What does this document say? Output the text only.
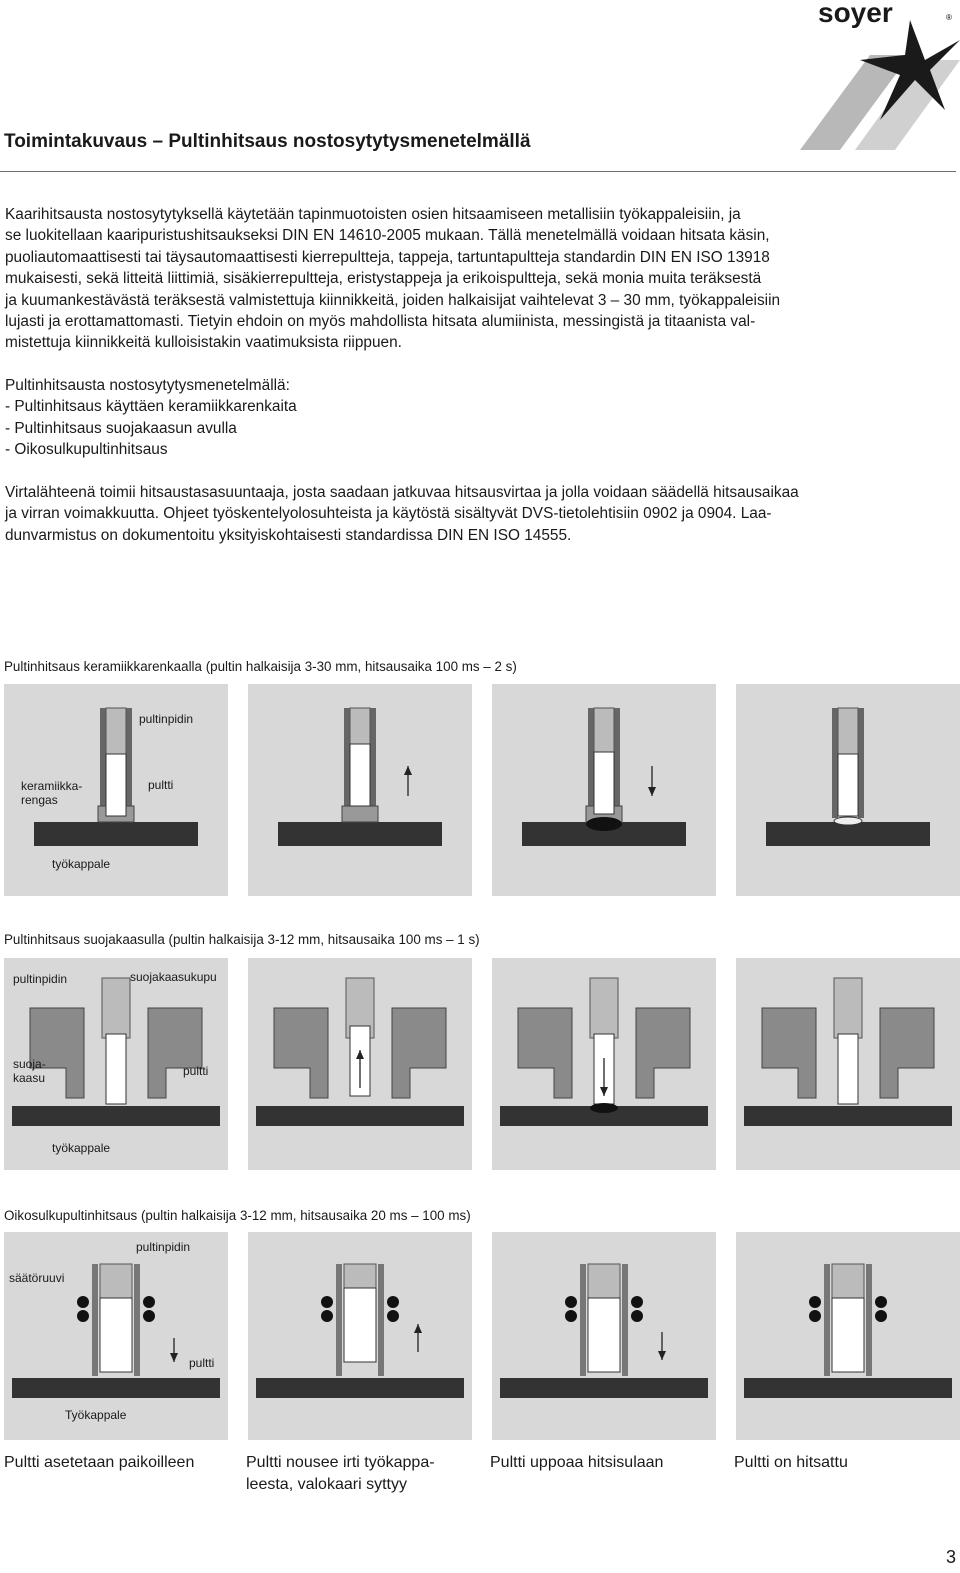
soyer	®
Toimintakuvaus – Pultinhitsaus nostosytytysmenetelmällä
Kaarihitsausta nostosytytyksellä käytetään tapinmuotoisten osien hitsaamiseen metallisiin työkappaleisiin, ja
se luokitellaan kaaripuristushitsaukseksi DIN EN 14610-2005 mukaan. Tällä menetelmällä voidaan hitsata käsin,
puoliautomaattisesti tai täysautomaattisesti kierrepultteja, tappeja, tartuntapultteja standardin DIN EN ISO 13918
mukaisesti, sekä litteitä liittimiä, sisäkierrepultteja, eristystappeja ja erikoispultteja, sekä monia muita teräksestä
ja kuumankestävästä teräksestä valmistettuja kiinnikkeitä, joiden halkaisijat vaihtelevat 3 – 30 mm, työkappaleisiin
lujasti ja erottamattomasti. Tietyin ehdoin on myös mahdollista hitsata alumiinista, messingistä ja titaanista val-
mistettuja kiinnikkeitä kulloisistakin vaatimuksista riippuen.
Pultinhitsausta nostosytytysmenetelmällä:
- Pultinhitsaus käyttäen keramiikkarenkaita
- Pultinhitsaus suojakaasun avulla
- Oikosulkupultinhitsaus
Virtalähteenä toimii hitsaustasasuuntaaja, josta saadaan jatkuvaa hitsausvirtaa ja jolla voidaan säädellä hitsausaikaa
ja virran voimakkuutta. Ohjeet työskentelyolosuhteista ja käytöstä sisältyvät DVS-tietolehtisiin 0902 ja 0904. Laa-
dunvarmistus on dokumentoitu yksityiskohtaisesti standardissa DIN EN ISO 14555.
Pultinhitsaus keramiikkarenkaalla (pultin halkaisija 3-30 mm, hitsausaika 100 ms – 2 s)
pultinpidin
pultti
keramiikka-
rengas
työkappale
Pultinhitsaus suojakaasulla (pultin halkaisija 3-12 mm, hitsausaika 100 ms – 1 s)
pultinpidin	suojakaasukupu
suoja-
kaasu	pultti
työkappale
Oikosulkupultinhitsaus (pultin halkaisija 3-12 mm, hitsausaika 20 ms – 100 ms)
pultinpidin
säätöruuvi
pultti
Työkappale
Pultti asetetaan paikoilleen	Pultti nousee irti työkappa-
leesta, valokaari syttyy
Pultti uppoaa hitsisulaan	Pultti on hitsattu
3
